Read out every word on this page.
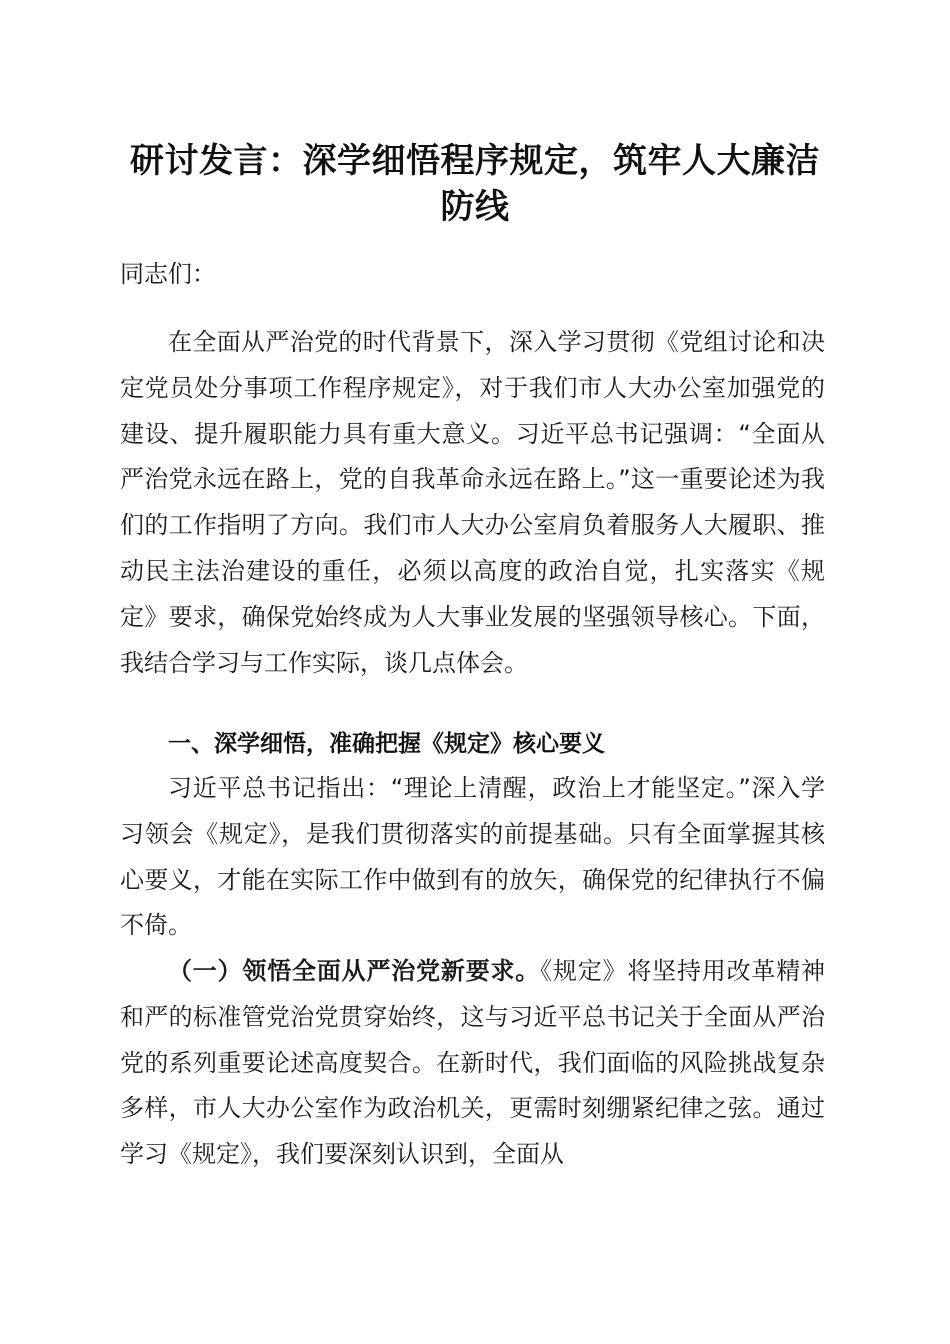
研讨发言：深学细悟程序规定，筑牢人大廉洁防线

同志们：

在全面从严治党的时代背景下，深入学习贯彻《党组讨论和决定党员处分事项工作程序规定》，对于我们市人大办公室加强党的建设、提升履职能力具有重大意义。习近平总书记强调：“全面从严治党永远在路上，党的自我革命永远在路上。”这一重要论述为我们的工作指明了方向。我们市人大办公室肩负着服务人大履职、推动民主法治建设的重任，必须以高度的政治自觉，扎实落实《规定》要求，确保党始终成为人大事业发展的坚强领导核心。下面，我结合学习与工作实际，谈几点体会。

一、深学细悟，准确把握《规定》核心要义

习近平总书记指出：“理论上清醒，政治上才能坚定。”深入学习领会《规定》，是我们贯彻落实的前提基础。只有全面掌握其核心要义，才能在实际工作中做到有的放矢，确保党的纪律执行不偏不倚。

（一）领悟全面从严治党新要求。《规定》将坚持用改革精神和严的标准管党治党贯穿始终，这与习近平总书记关于全面从严治党的系列重要论述高度契合。在新时代，我们面临的风险挑战复杂多样，市人大办公室作为政治机关，更需时刻绷紧纪律之弦。通过学习《规定》，我们要深刻认识到，全面从
